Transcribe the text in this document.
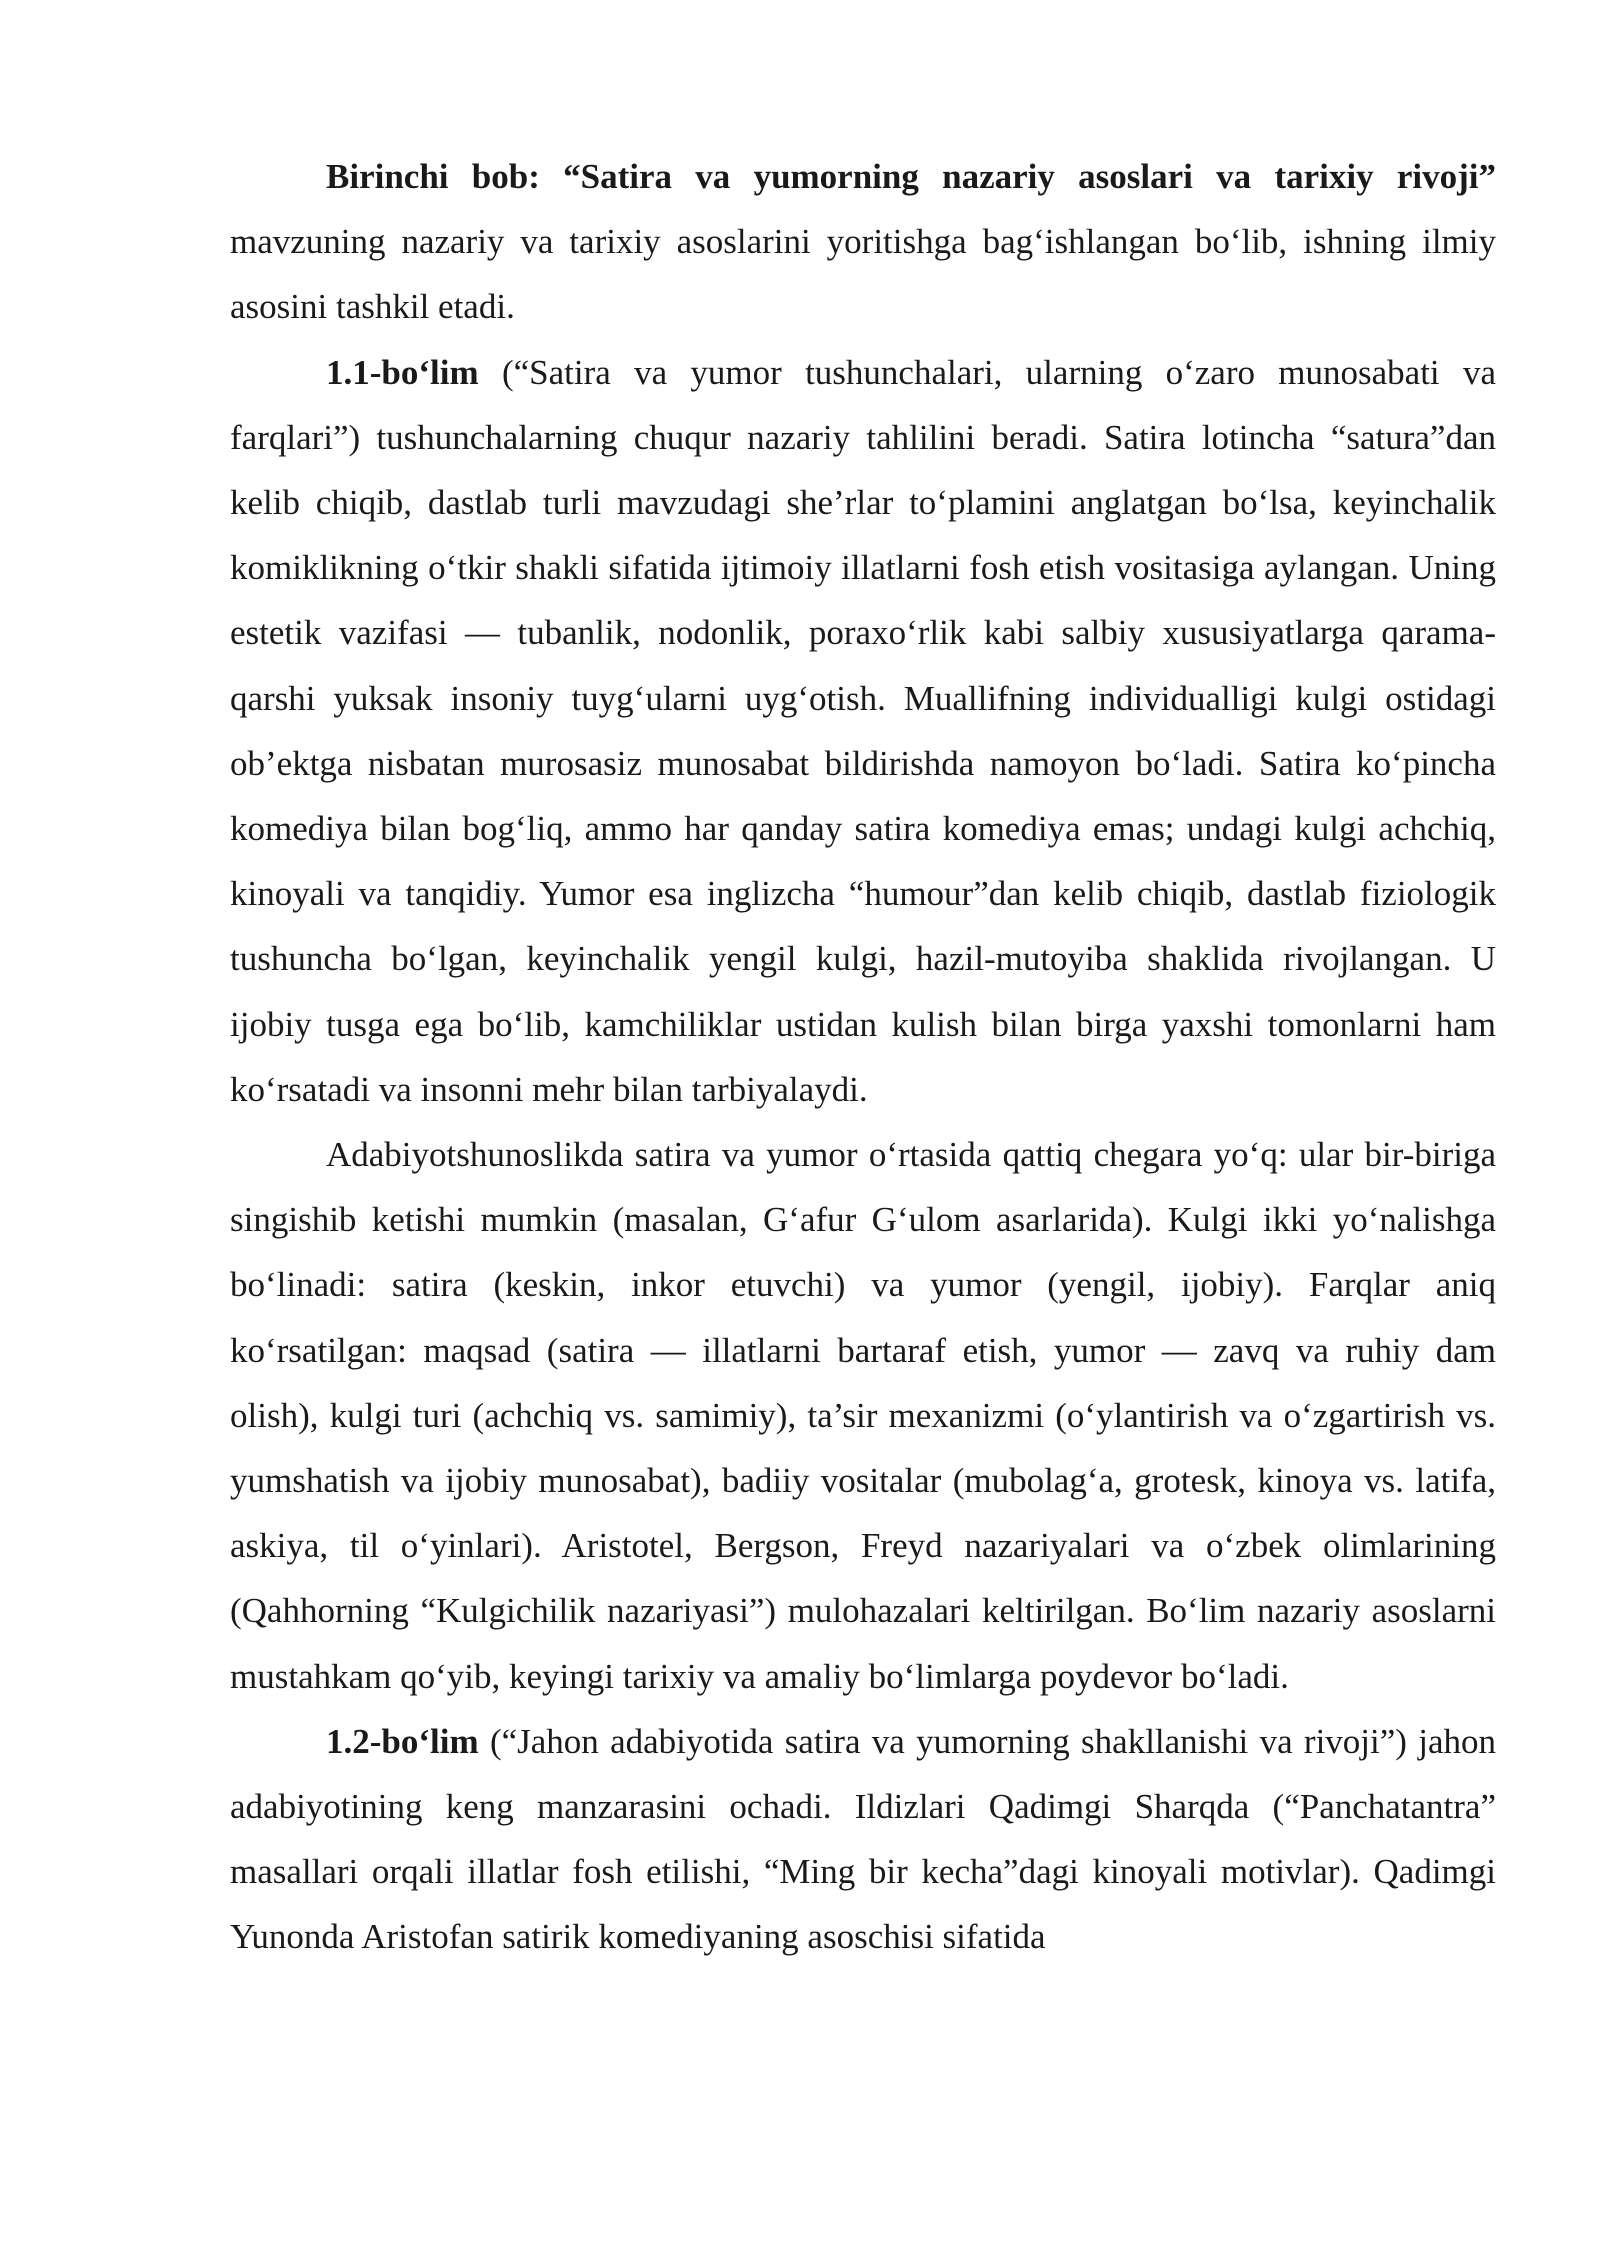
Birinchi bob: “Satira va yumorning nazariy asoslari va tarixiy rivoji” mavzuning nazariy va tarixiy asoslarini yoritishga bag‘ishlangan bo‘lib, ishning ilmiy asosini tashkil etadi.

1.1-bo‘lim (“Satira va yumor tushunchalari, ularning o‘zaro munosabati va farqlari”) tushunchalarning chuqur nazariy tahlilini beradi. Satira lotincha “satura”dan kelib chiqib, dastlab turli mavzudagi she’rlar to‘plamini anglatgan bo‘lsa, keyinchalik komiklikning o‘tkir shakli sifatida ijtimoiy illatlarni fosh etish vositasiga aylangan. Uning estetik vazifasi — tubanlik, nodonlik, poraxo‘rlik kabi salbiy xususiyatlarga qarama-qarshi yuksak insoniy tuyg‘ularni uyg‘otish. Muallifning individualligi kulgi ostidagi ob’ektga nisbatan murosasiz munosabat bildirishda namoyon bo‘ladi. Satira ko‘pincha komediya bilan bog‘liq, ammo har qanday satira komediya emas; undagi kulgi achchiq, kinoyali va tanqidiy. Yumor esa inglizcha “humour”dan kelib chiqib, dastlab fiziologik tushuncha bo‘lgan, keyinchalik yengil kulgi, hazil-mutoyiba shaklida rivojlangan. U ijobiy tusga ega bo‘lib, kamchiliklar ustidan kulish bilan birga yaxshi tomonlarni ham ko‘rsatadi va insonni mehr bilan tarbiyalaydi.

Adabiyotshunoslikda satira va yumor o‘rtasida qattiq chegara yo‘q: ular bir-biriga singishib ketishi mumkin (masalan, G‘afur G‘ulom asarlarida). Kulgi ikki yo‘nalishga bo‘linadi: satira (keskin, inkor etuvchi) va yumor (yengil, ijobiy). Farqlar aniq ko‘rsatilgan: maqsad (satira — illatlarni bartaraf etish, yumor — zavq va ruhiy dam olish), kulgi turi (achchiq vs. samimiy), ta’sir mexanizmi (o‘ylantirish va o‘zgartirish vs. yumshatish va ijobiy munosabat), badiiy vositalar (mubolag‘a, grotesk, kinoya vs. latifa, askiya, til o‘yinlari). Aristotel, Bergson, Freyd nazariyalari va o‘zbek olimlarining (Qahhorning “Kulgichilik nazariyasi”) mulohazalari keltirilgan. Bo‘lim nazariy asoslarni mustahkam qo‘yib, keyingi tarixiy va amaliy bo‘limlarga poydevor bo‘ladi.

1.2-bo‘lim (“Jahon adabiyotida satira va yumorning shakllanishi va rivoji”) jahon adabiyotining keng manzarasini ochadi. Ildizlari Qadimgi Sharqda (“Panchatantra” masallari orqali illatlar fosh etilishi, “Ming bir kecha”dagi kinoyali motivlar). Qadimgi Yunonda Aristofan satirik komediyaning asoschisi sifatida
